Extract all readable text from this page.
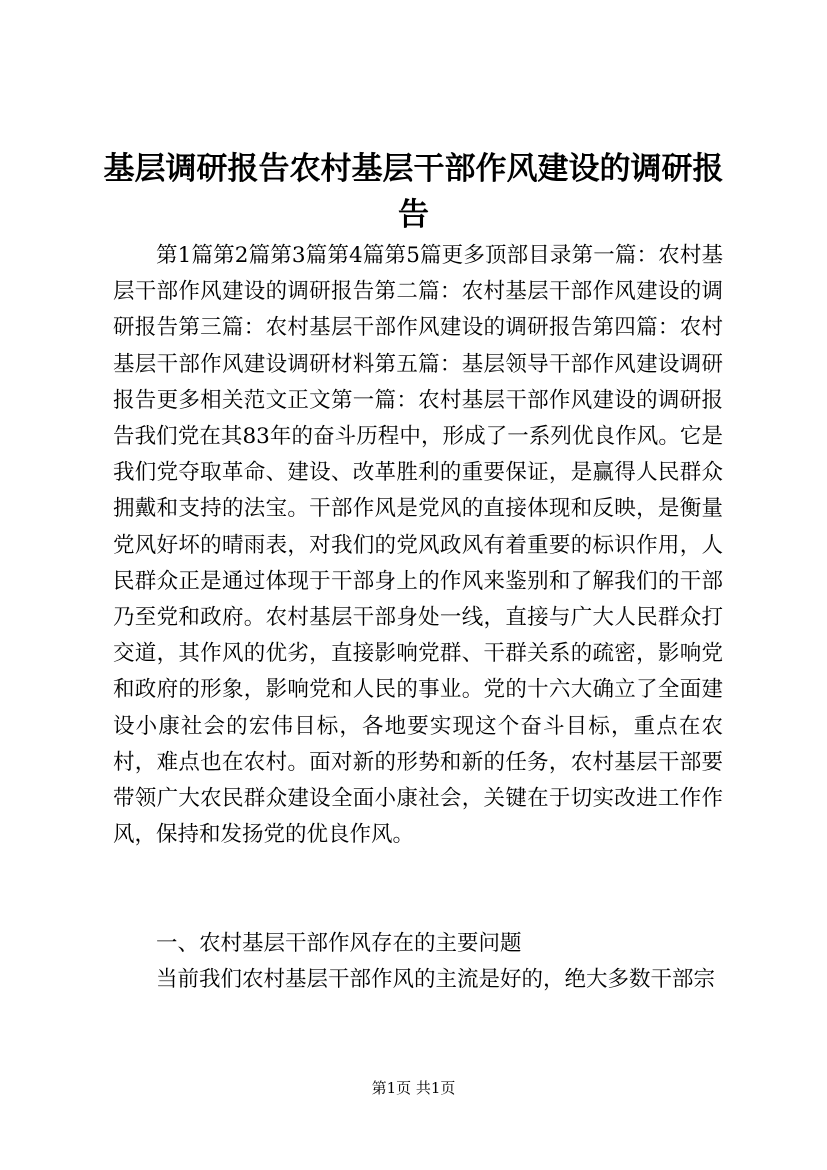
基层调研报告农村基层干部作风建设的调研报告

第1篇第2篇第3篇第4篇第5篇更多顶部目录第一篇：农村基层干部作风建设的调研报告第二篇：农村基层干部作风建设的调研报告第三篇：农村基层干部作风建设的调研报告第四篇：农村基层干部作风建设调研材料第五篇：基层领导干部作风建设调研报告更多相关范文正文第一篇：农村基层干部作风建设的调研报告我们党在其83年的奋斗历程中，形成了一系列优良作风。它是我们党夺取革命、建设、改革胜利的重要保证，是赢得人民群众拥戴和支持的法宝。干部作风是党风的直接体现和反映，是衡量党风好坏的晴雨表，对我们的党风政风有着重要的标识作用，人民群众正是通过体现于干部身上的作风来鉴别和了解我们的干部乃至党和政府。农村基层干部身处一线，直接与广大人民群众打交道，其作风的优劣，直接影响党群、干群关系的疏密，影响党和政府的形象，影响党和人民的事业。党的十六大确立了全面建设小康社会的宏伟目标，各地要实现这个奋斗目标，重点在农村，难点也在农村。面对新的形势和新的任务，农村基层干部要带领广大农民群众建设全面小康社会，关键在于切实改进工作作风，保持和发扬党的优良作风。

一、农村基层干部作风存在的主要问题

当前我们农村基层干部作风的主流是好的，绝大多数干部宗

第1页 共1页
